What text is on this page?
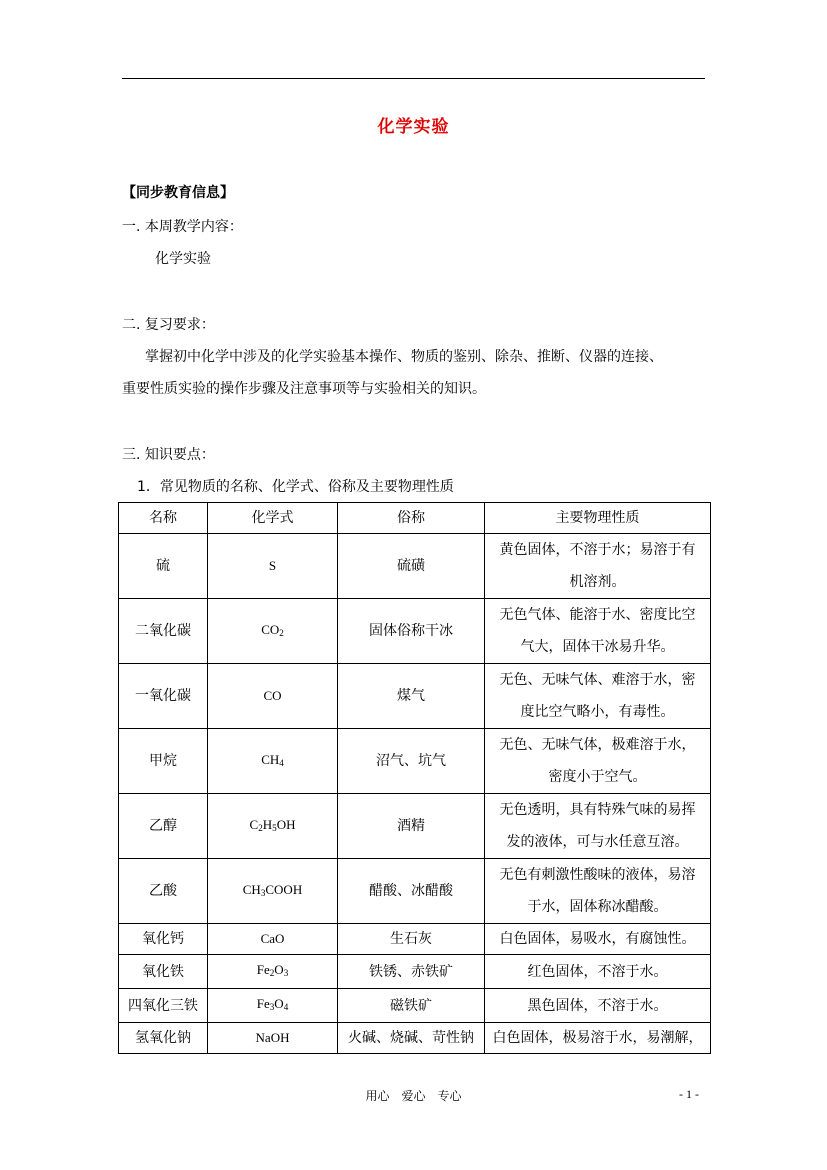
化学实验
【同步教育信息】
一. 本周教学内容：
化学实验
二. 复习要求：
掌握初中化学中涉及的化学实验基本操作、物质的鉴别、除杂、推断、仪器的连接、
重要性质实验的操作步骤及注意事项等与实验相关的知识。
三. 知识要点：
1．常见物质的名称、化学式、俗称及主要物理性质
名称	化学式	俗称	主要物理性质
硫	S	硫磺	黄色固体，不溶于水；易溶于有
机溶剂。

二氧化碳	$CO_2$	固体俗称干冰	无色气体、能溶于水、密度比空
气大，固体干冰易升华。

一氧化碳	CO	煤气	无色、无味气体、难溶于水，密
度比空气略小，有毒性。

甲烷	$CH_4$	沼气、坑气	无色、无味气体，极难溶于水，
密度小于空气。

乙醇	$C_2H_5OH$	酒精	无色透明，具有特殊气味的易挥
发的液体，可与水任意互溶。

乙酸	$CH_3COOH$	醋酸、冰醋酸	无色有刺激性酸味的液体，易溶
于水，固体称冰醋酸。

氧化钙	CaO	生石灰	白色固体，易吸水，有腐蚀性。

氧化铁	$Fe_2O_3$	铁锈、赤铁矿	红色固体，不溶于水。

四氧化三铁	$Fe_3O_4$	磁铁矿	黑色固体，不溶于水。

氢氧化钠	NaOH	火碱、烧碱、苛性钠	白色固体，极易溶于水，易潮解，
用心　爱心　专心	- 1 -
